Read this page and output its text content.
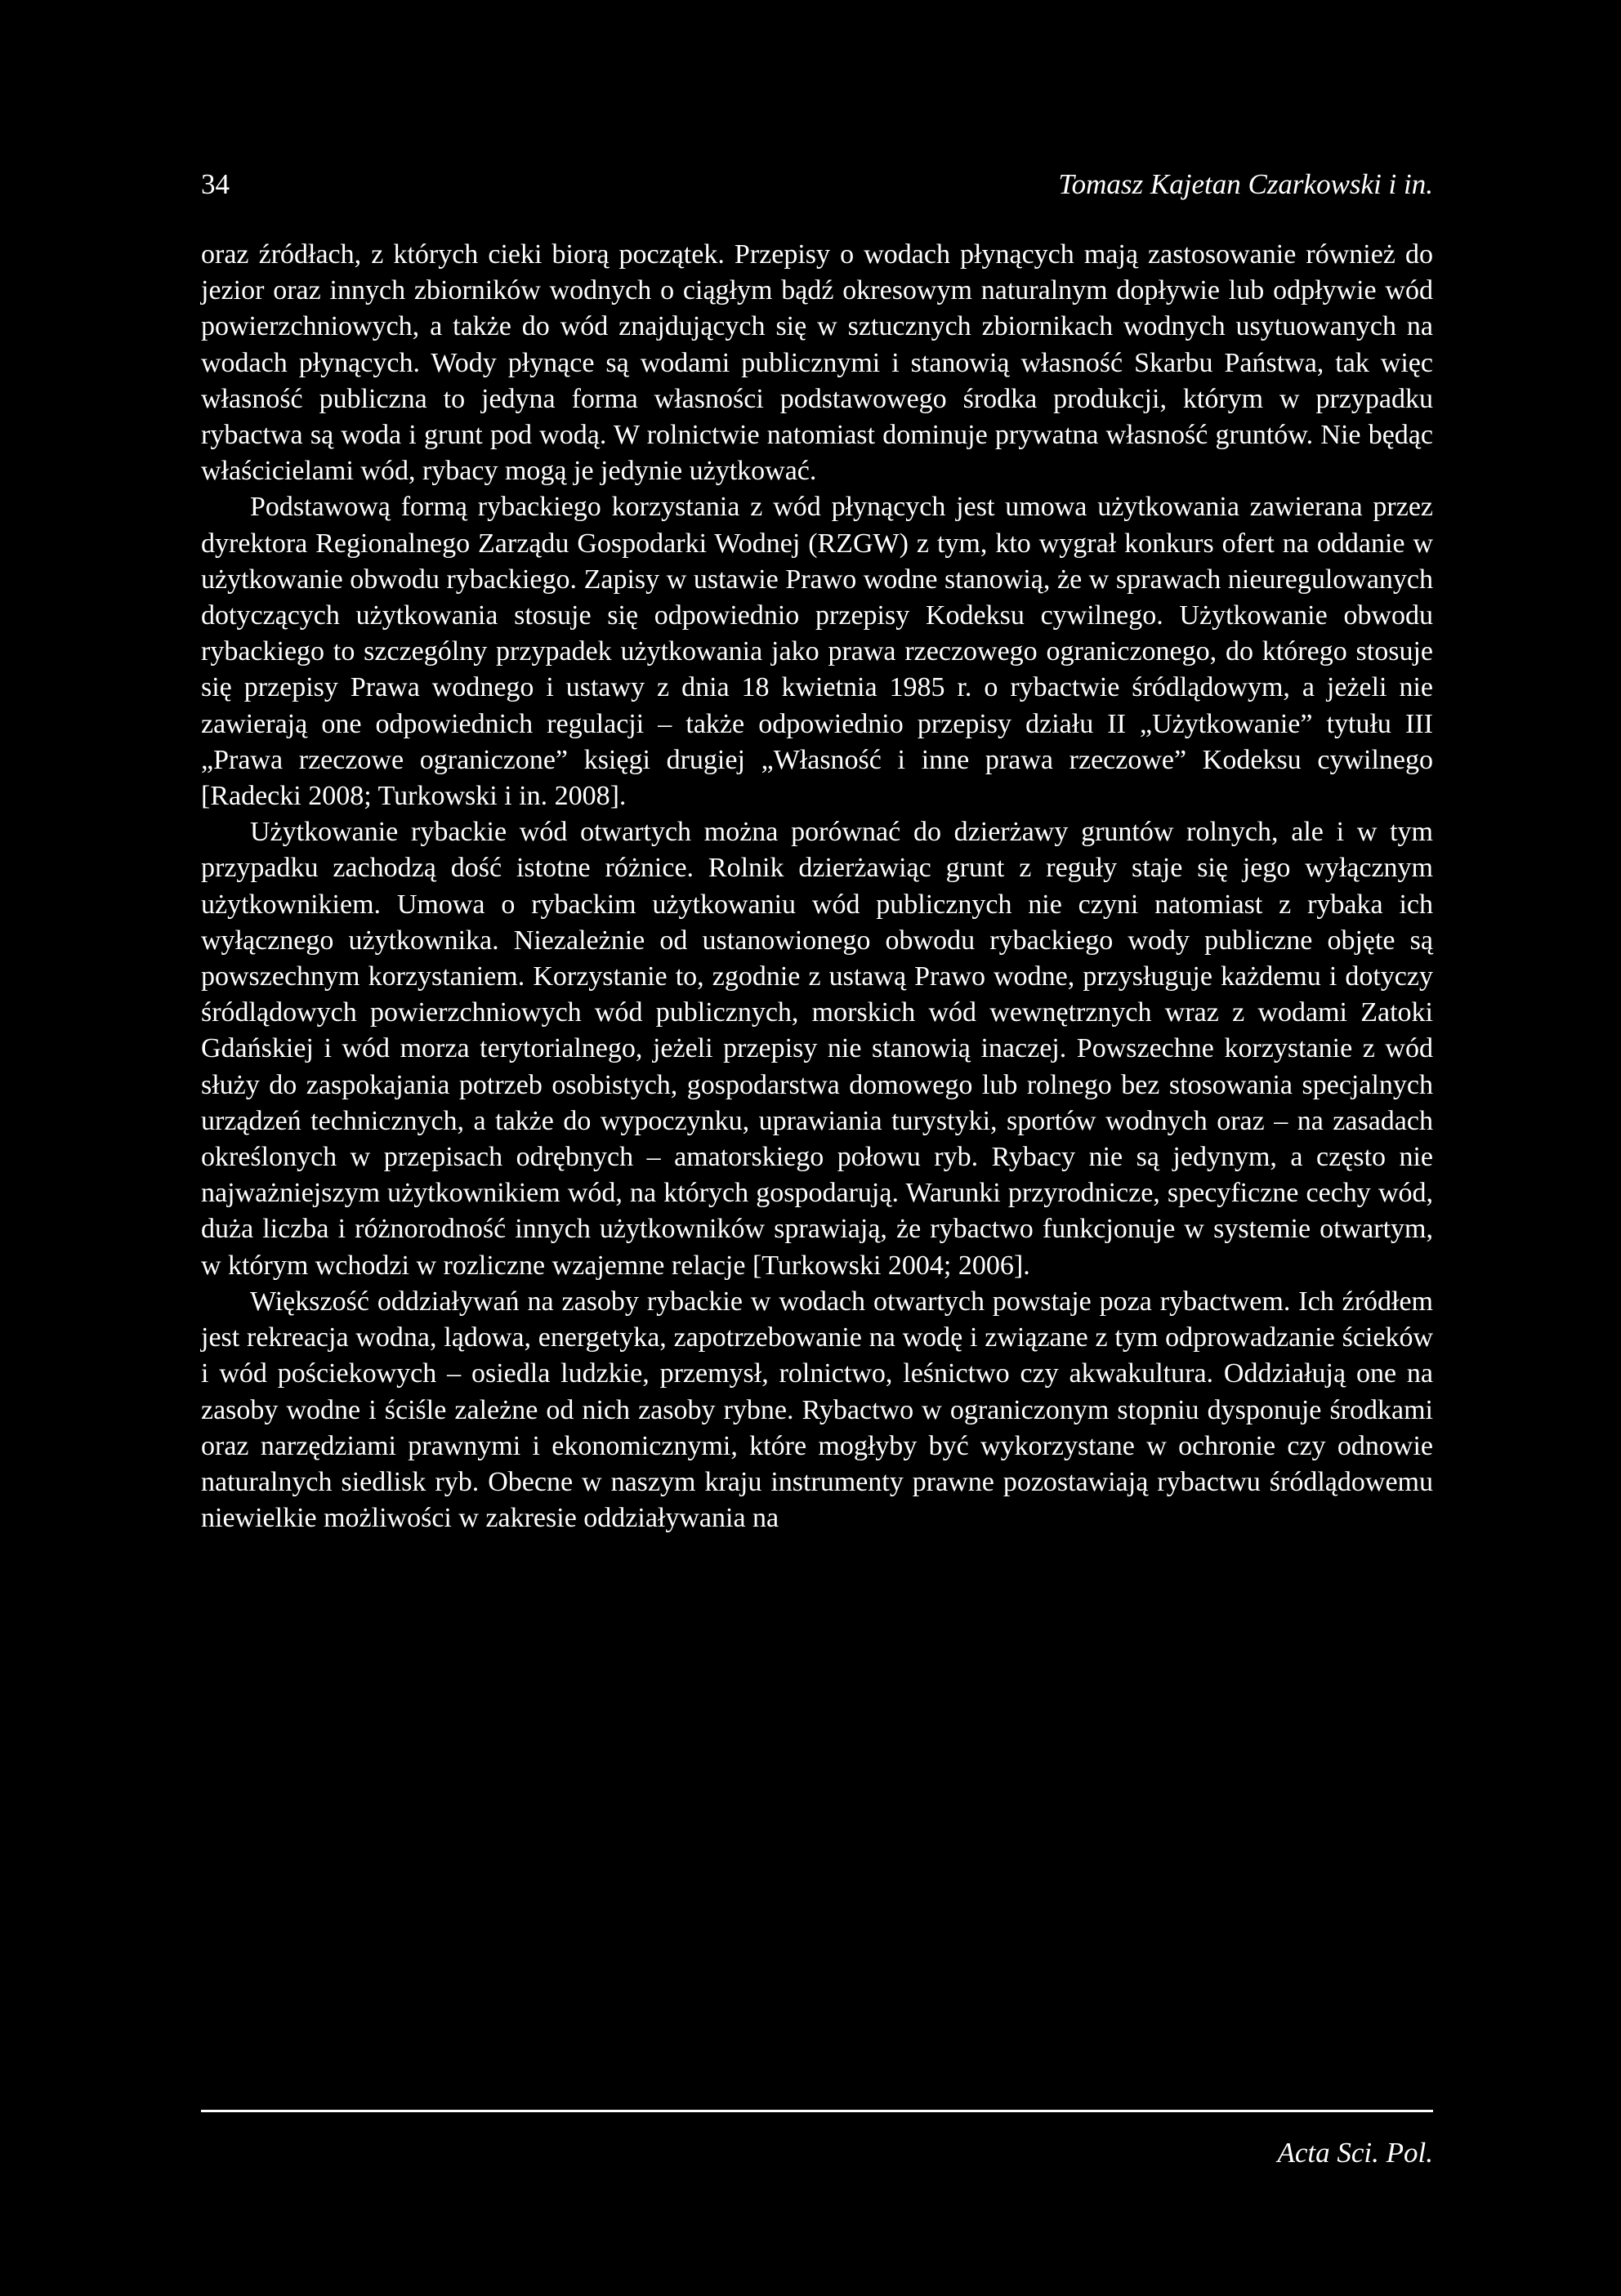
34	Tomasz Kajetan Czarkowski i in.

oraz źródłach, z których cieki biorą początek. Przepisy o wodach płynących mają zastosowanie również do jezior oraz innych zbiorników wodnych o ciągłym bądź okresowym naturalnym dopływie lub odpływie wód powierzchniowych, a także do wód znajdujących się w sztucznych zbiornikach wodnych usytuowanych na wodach płynących. Wody płynące są wodami publicznymi i stanowią własność Skarbu Państwa, tak więc własność publiczna to jedyna forma własności podstawowego środka produkcji, którym w przypadku rybactwa są woda i grunt pod wodą. W rolnictwie natomiast dominuje prywatna własność gruntów. Nie będąc właścicielami wód, rybacy mogą je jedynie użytkować.

Podstawową formą rybackiego korzystania z wód płynących jest umowa użytkowania zawierana przez dyrektora Regionalnego Zarządu Gospodarki Wodnej (RZGW) z tym, kto wygrał konkurs ofert na oddanie w użytkowanie obwodu rybackiego. Zapisy w ustawie Prawo wodne stanowią, że w sprawach nieuregulowanych dotyczących użytkowania stosuje się odpowiednio przepisy Kodeksu cywilnego. Użytkowanie obwodu rybackiego to szczególny przypadek użytkowania jako prawa rzeczowego ograniczonego, do którego stosuje się przepisy Prawa wodnego i ustawy z dnia 18 kwietnia 1985 r. o rybactwie śródlądowym, a jeżeli nie zawierają one odpowiednich regulacji – także odpowiednio przepisy działu II „Użytkowanie” tytułu III „Prawa rzeczowe ograniczone” księgi drugiej „Własność i inne prawa rzeczowe” Kodeksu cywilnego [Radecki 2008; Turkowski i in. 2008].

Użytkowanie rybackie wód otwartych można porównać do dzierżawy gruntów rolnych, ale i w tym przypadku zachodzą dość istotne różnice. Rolnik dzierżawiąc grunt z reguły staje się jego wyłącznym użytkownikiem. Umowa o rybackim użytkowaniu wód publicznych nie czyni natomiast z rybaka ich wyłącznego użytkownika. Niezależnie od ustanowionego obwodu rybackiego wody publiczne objęte są powszechnym korzystaniem. Korzystanie to, zgodnie z ustawą Prawo wodne, przysługuje każdemu i dotyczy śródlądowych powierzchniowych wód publicznych, morskich wód wewnętrznych wraz z wodami Zatoki Gdańskiej i wód morza terytorialnego, jeżeli przepisy nie stanowią inaczej. Powszechne korzystanie z wód służy do zaspokajania potrzeb osobistych, gospodarstwa domowego lub rolnego bez stosowania specjalnych urządzeń technicznych, a także do wypoczynku, uprawiania turystyki, sportów wodnych oraz – na zasadach określonych w przepisach odrębnych – amatorskiego połowu ryb. Rybacy nie są jedynym, a często nie najważniejszym użytkownikiem wód, na których gospodarują. Warunki przyrodnicze, specyficzne cechy wód, duża liczba i różnorodność innych użytkowników sprawiają, że rybactwo funkcjonuje w systemie otwartym, w którym wchodzi w rozliczne wzajemne relacje [Turkowski 2004; 2006].

Większość oddziaływań na zasoby rybackie w wodach otwartych powstaje poza rybactwem. Ich źródłem jest rekreacja wodna, lądowa, energetyka, zapotrzebowanie na wodę i związane z tym odprowadzanie ścieków i wód pościekowych – osiedla ludzkie, przemysł, rolnictwo, leśnictwo czy akwakultura. Oddziałują one na zasoby wodne i ściśle zależne od nich zasoby rybne. Rybactwo w ograniczonym stopniu dysponuje środkami oraz narzędziami prawnymi i ekonomicznymi, które mogłyby być wykorzystane w ochronie czy odnowie naturalnych siedlisk ryb. Obecne w naszym kraju instrumenty prawne pozostawiają rybactwu śródlądowemu niewielkie możliwości w zakresie oddziaływania na

Acta Sci. Pol.
